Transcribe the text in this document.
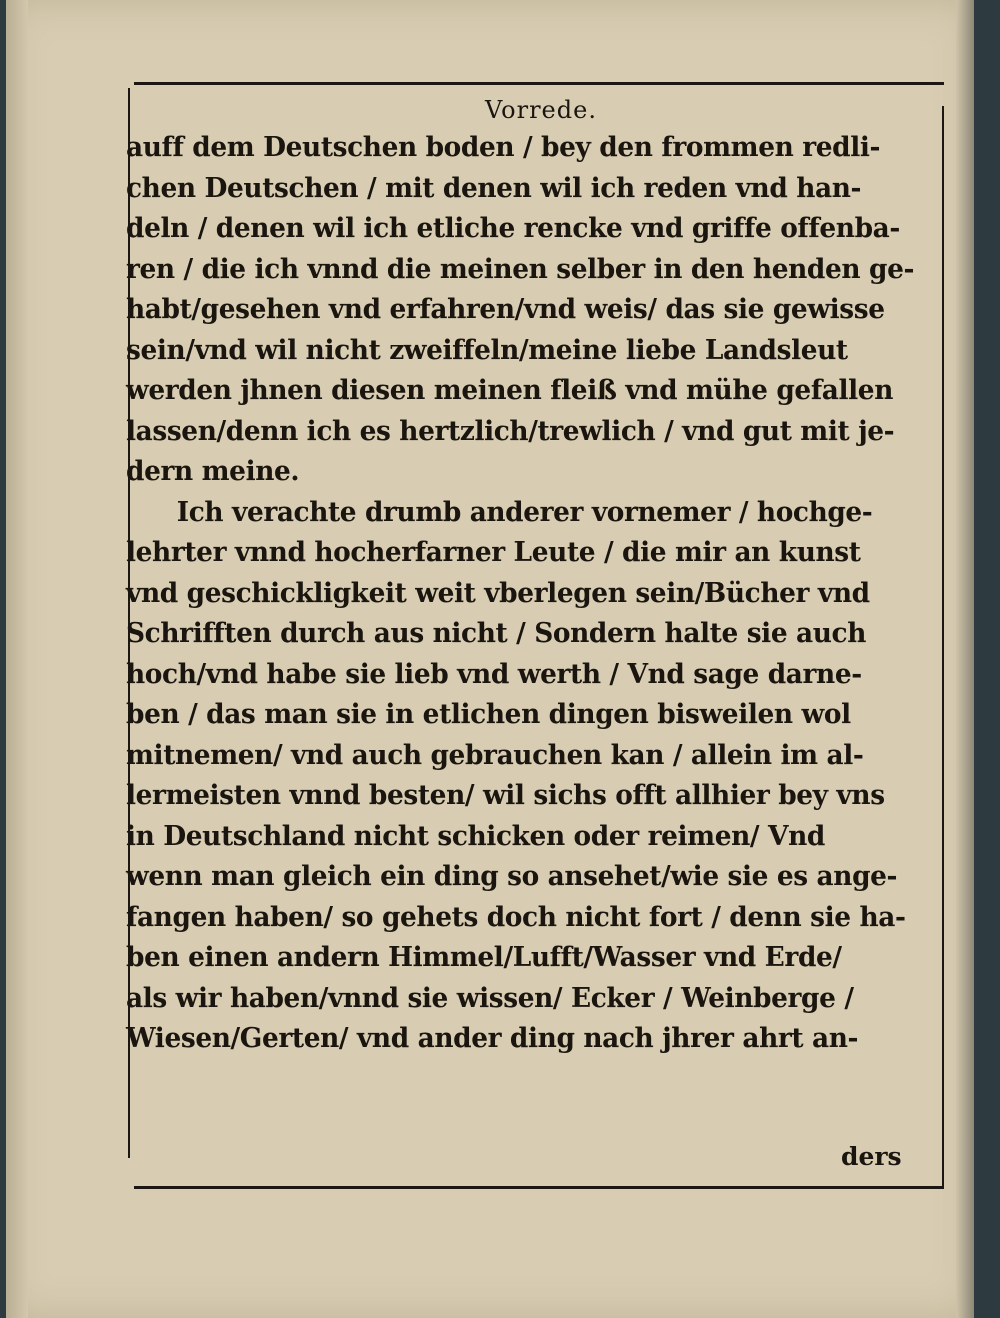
Vorrede.
auff dem Deutschen boden / bey den frommen redli-
chen Deutschen / mit denen wil ich reden vnd han-
deln / denen wil ich etliche rencke vnd griffe offenba-
ren / die ich vnnd die meinen selber in den henden ge-
habt/gesehen vnd erfahren/vnd weis/ das sie gewisse
sein/vnd wil nicht zweiffeln/meine liebe Landsleut
werden jhnen diesen meinen fleiß vnd mühe gefallen
lassen/denn ich es hertzlich/trewlich / vnd gut mit je-
dern meine.
Ich verachte drumb anderer vornemer / hochge-
lehrter vnnd hocherfarner Leute / die mir an kunst
vnd geschickligkeit weit vberlegen sein/Bücher vnd
Schrifften durch aus nicht / Sondern halte sie auch
hoch/vnd habe sie lieb vnd werth / Vnd sage darne-
ben / das man sie in etlichen dingen bisweilen wol
mitnemen/ vnd auch gebrauchen kan / allein im al-
lermeisten vnnd besten/ wil sichs offt allhier bey vns
in Deutschland nicht schicken oder reimen/ Vnd
wenn man gleich ein ding so ansehet/wie sie es ange-
fangen haben/ so gehets doch nicht fort / denn sie ha-
ben einen andern Himmel/Lufft/Wasser vnd Erde/
als wir haben/vnnd sie wissen/ Ecker / Weinberge /
Wiesen/Gerten/ vnd ander ding nach jhrer ahrt an-
ders
